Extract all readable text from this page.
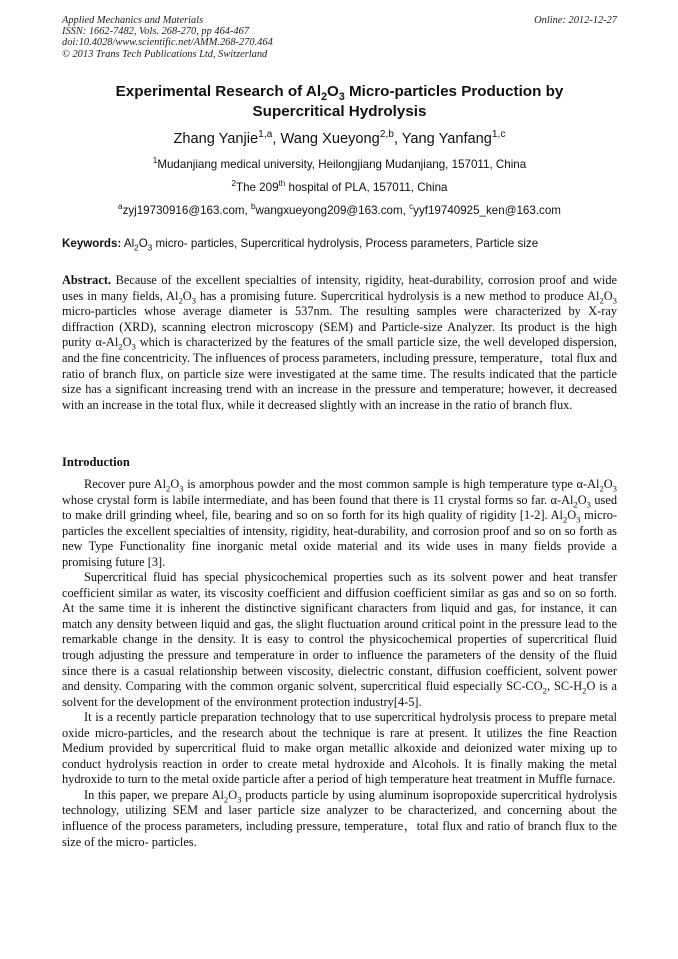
Applied Mechanics and Materials
ISSN: 1662-7482, Vols. 268-270, pp 464-467
doi:10.4028/www.scientific.net/AMM.268-270.464
© 2013 Trans Tech Publications Ltd, Switzerland
Online: 2012-12-27
Experimental Research of $Al_2O_3$ Micro-particles Production by
Supercritical Hydrolysis
Zhang Yanjie$^{1,a}$, Wang Xueyong$^{2,b}$, Yang Yanfang$^{1,c}$
$^1$Mudanjiang medical university, Heilongjiang Mudanjiang, 157011, China
$^2$The 209th hospital of PLA, 157011, China
$^a$zyj19730916@163.com, $^b$wangxueyong209@163.com, $^c$yyf19740925_ken@163.com
Keywords: $Al_2O_3$ micro- particles, Supercritical hydrolysis, Process parameters, Particle size
Abstract. Because of the excellent specialties of intensity, rigidity, heat-durability, corrosion proof and wide uses in many fields, $Al_2O_3$ has a promising future. Supercritical hydrolysis is a new method to produce $Al_2O_3$ micro-particles whose average diameter is 537nm. The resulting samples were characterized by X-ray diffraction (XRD), scanning electron microscopy (SEM) and Particle-size Analyzer. Its product is the high purity $\alpha-Al_2O_3$ which is characterized by the features of the small particle size, the well developed dispersion, and the fine concentricity. The influences of process parameters, including pressure, temperature，total flux and ratio of branch flux, on particle size were investigated at the same time. The results indicated that the particle size has a significant increasing trend with an increase in the pressure and temperature; however, it decreased with an increase in the total flux, while it decreased slightly with an increase in the ratio of branch flux.
Introduction

Recover pure $Al_2O_3$ is amorphous powder and the most common sample is high temperature type $\alpha-Al_2O_3$ whose crystal form is labile intermediate, and has been found that there is 11 crystal forms so far. $\alpha-Al_2O_3$ used to make drill grinding wheel, file, bearing and so on so forth for its high quality of rigidity [1-2]. $Al_2O_3$ micro- particles the excellent specialties of intensity, rigidity, heat-durability, and corrosion proof and so on so forth as new Type Functionality fine inorganic metal oxide material and its wide uses in many fields provide a promising future [3].

Supercritical fluid has special physicochemical properties such as its solvent power and heat transfer coefficient similar as water, its viscosity coefficient and diffusion coefficient similar as gas and so on so forth. At the same time it is inherent the distinctive significant characters from liquid and gas, for instance, it can match any density between liquid and gas, the slight fluctuation around critical point in the pressure lead to the remarkable change in the density. It is easy to control the physicochemical properties of supercritical fluid trough adjusting the pressure and temperature in order to influence the parameters of the density of the fluid since there is a casual relationship between viscosity, dielectric constant, diffusion coefficient, solvent power and density. Comparing with the common organic solvent, supercritical fluid especially $SC-CO_2$, $SC-H_2O$ is a solvent for the development of the environment protection industry[4-5].

It is a recently particle preparation technology that to use supercritical hydrolysis process to prepare metal oxide micro-particles, and the research about the technique is rare at present. It utilizes the fine Reaction Medium provided by supercritical fluid to make organ metallic alkoxide and deionized water mixing up to conduct hydrolysis reaction in order to create metal hydroxide and Alcohols. It is finally making the metal hydroxide to turn to the metal oxide particle after a period of high temperature heat treatment in Muffle furnace.

In this paper, we prepare $Al_2O_3$ products particle by using aluminum isopropoxide supercritical hydrolysis technology, utilizing SEM and laser particle size analyzer to be characterized, and concerning about the influence of the process parameters, including pressure, temperature，total flux and ratio of branch flux to the size of the micro- particles.
